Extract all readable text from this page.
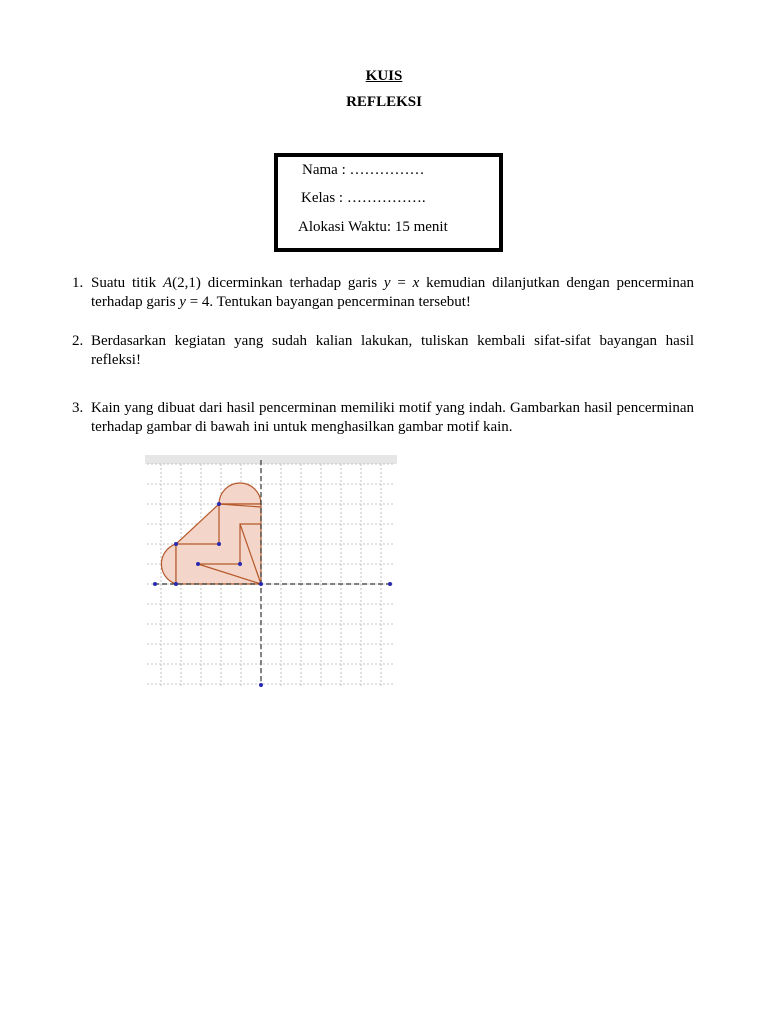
KUIS
REFLEKSI
Nama : ……………
Kelas : …………….
Alokasi Waktu: 15 menit
1. Suatu titik A(2,1) dicerminkan terhadap garis y = x kemudian dilanjutkan dengan pencerminan terhadap garis y = 4. Tentukan bayangan pencerminan tersebut!
2. Berdasarkan kegiatan yang sudah kalian lakukan, tuliskan kembali sifat-sifat bayangan hasil refleksi!
3. Kain yang dibuat dari hasil pencerminan memiliki motif yang indah. Gambarkan hasil pencerminan terhadap gambar di bawah ini untuk menghasilkan gambar motif kain.
